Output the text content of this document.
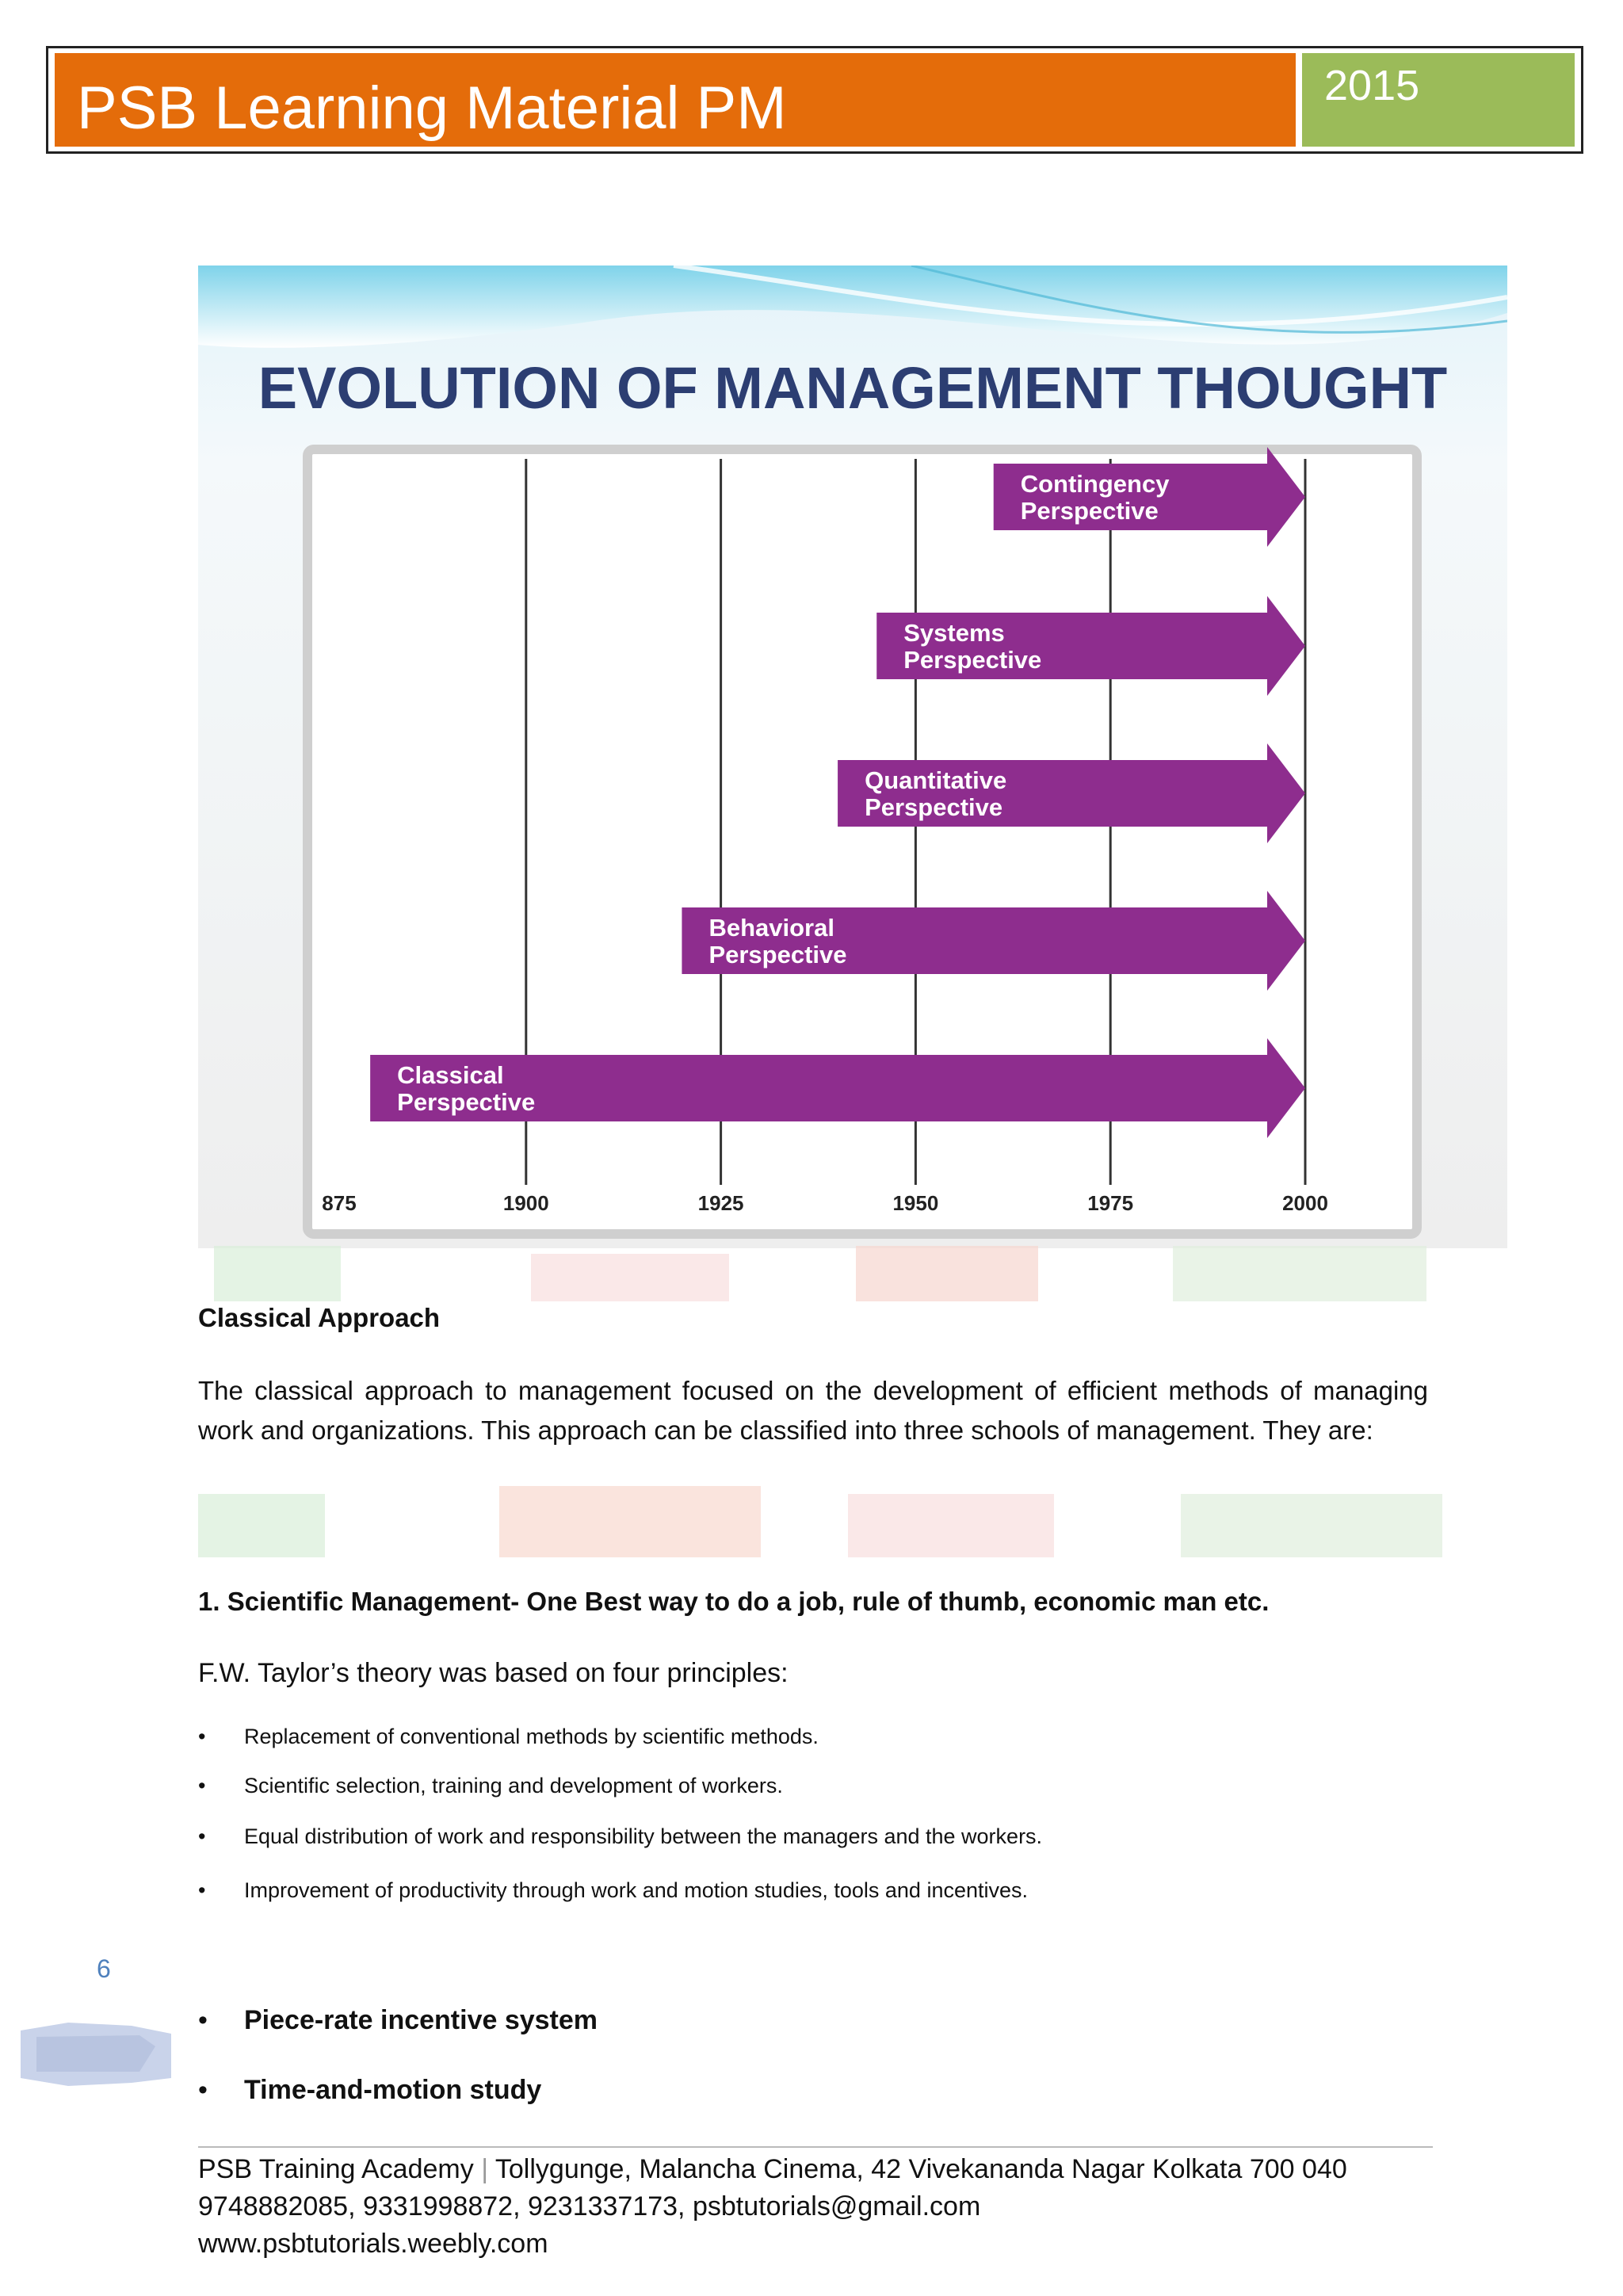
PSB Learning Material PM	2015
EVOLUTION OF MANAGEMENT THOUGHT
Contingency
Perspective
Systems
Perspective
Quantitative
Perspective
Behavioral
Perspective
Classical
Perspective
875	1900	1925	1950	1975	2000
Classical Approach
The classical approach to management focused on the development of efficient methods of managing work and organizations. This approach can be classified into three schools of management. They are:
1. Scientific Management- One Best way to do a job, rule of thumb, economic man etc.
F.W. Taylor’s theory was based on four principles:
• Replacement of conventional methods by scientific methods.
• Scientific selection, training and development of workers.
• Equal distribution of work and responsibility between the managers and the workers.
• Improvement of productivity through work and motion studies, tools and incentives.
• Piece-rate incentive system
• Time-and-motion study
6
PSB Training Academy | Tollygunge, Malancha Cinema, 42 Vivekananda Nagar Kolkata 700 040
9748882085, 9331998872, 9231337173, psbtutorials@gmail.com
www.psbtutorials.weebly.com
